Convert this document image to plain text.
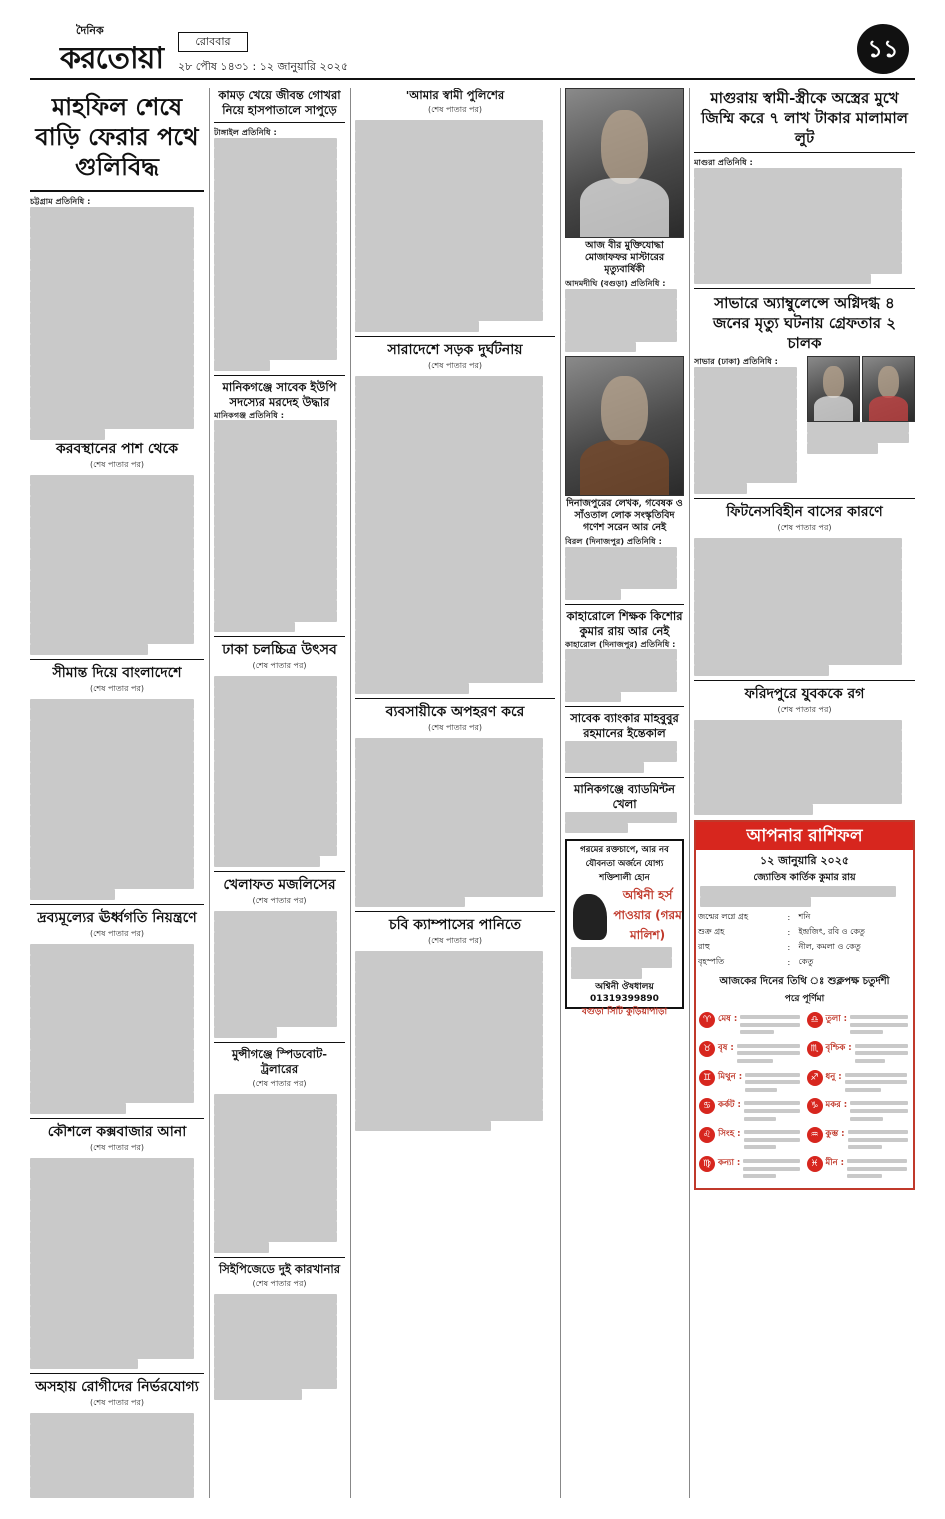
দৈনিক
করতোয়া	রোববার
২৮ পৌষ ১৪৩১ : ১২ জানুয়ারি ২০২৫
১১
মাহফিল শেষে বাড়ি ফেরার পথে গুলিবিদ্ধ
চট্টগ্রাম প্রতিনিধি :
করবস্থানের পাশ থেকে
(শেষ পাতার পর)
সীমান্ত দিয়ে বাংলাদেশে
(শেষ পাতার পর)
দ্রব্যমূল্যের ঊর্ধ্বগতি নিয়ন্ত্রণে
(শেষ পাতার পর)
কৌশলে কক্সবাজার আনা
(শেষ পাতার পর)
অসহায় রোগীদের নির্ভরযোগ্য
(শেষ পাতার পর)
কামড় খেয়ে জীবন্ত গোখরা নিয়ে হাসপাতালে সাপুড়ে
টাঙ্গাইল প্রতিনিধি :
মানিকগঞ্জে সাবেক ইউপি সদস্যের মরদেহ উদ্ধার
মানিকগঞ্জ প্রতিনিধি :
ঢাকা চলচ্চিত্র উৎসব
(শেষ পাতার পর)
খেলাফত মজলিসের
(শেষ পাতার পর)
মুন্সীগঞ্জে স্পিডবোট-ট্রলারের
(শেষ পাতার পর)
সিইপিজেডে দুই কারখানার
(শেষ পাতার পর)
'আমার স্বামী পুলিশের
(শেষ পাতার পর)
সারাদেশে সড়ক দুর্ঘটনায়
(শেষ পাতার পর)
ব্যবসায়ীকে অপহরণ করে
(শেষ পাতার পর)
চবি ক্যাম্পাসের পানিতে
(শেষ পাতার পর)
আজ বীর মুক্তিযোদ্ধা মোজাফফর মাস্টারের মৃত্যুবার্ষিকী
আদমদীঘি (বগুড়া) প্রতিনিধি :
দিনাজপুরের লেখক, গবেষক ও সাঁওতাল লোক সংস্কৃতিবিদ গণেশ সরেন আর নেই
বিরল (দিনাজপুর) প্রতিনিধি :
কাহারোলে শিক্ষক কিশোর কুমার রায় আর নেই
কাহারোল (দিনাজপুর) প্রতিনিধি :
সাবেক ব্যাংকার মাহবুবুর রহমানের ইন্তেকাল
মানিকগঞ্জে ব্যাডমিন্টন খেলা
গরমের রক্তচাপে, আর নব যৌবনতা অর্জনে যোগ্য শক্তিশালী হোন
অশ্বিনী হর্স পাওয়ার (গরম মালিশ)
অশ্বিনী ঔষধালয় 01319399890
বগুড়া সিটি কুড়িয়াপাড়া
মাগুরায় স্বামী-স্ত্রীকে অস্ত্রের মুখে জিম্মি করে ৭ লাখ টাকার মালামাল লুট
মাগুরা প্রতিনিধি :
সাভারে অ্যাম্বুলেন্সে অগ্নিদগ্ধ ৪ জনের মৃত্যু ঘটনায় গ্রেফতার ২ চালক
সাভার (ঢাকা) প্রতিনিধি :
ফিটনেসবিহীন বাসের কারণে
(শেষ পাতার পর)
ফরিদপুরে যুবককে রগ
(শেষ পাতার পর)
আপনার রাশিফল
১২ জানুয়ারি ২০২৫
জ্যোতিষ কার্তিক কুমার রায়
জন্মের লগ্নে গ্রহ	:	শনি
শুক্র গ্রহ	:	ইন্দ্রজিৎ, রবি ও কেতু
রাহু	:	নীল, কমলা ও কেতু
বৃহস্পতি	:	কেতু
আজকের দিনের তিথি ঃ শুক্লপক্ষ চতুর্দশী
পরে পূর্ণিমা
♈ মেষ :
♉ বৃষ :
♊ মিথুন :
♋ কর্কট :
♌ সিংহ :
♍ কন্যা :
♎ তুলা :
♏ বৃশ্চিক :
♐ ধনু :
♑ মকর :
♒ কুম্ভ :
♓ মীন :
